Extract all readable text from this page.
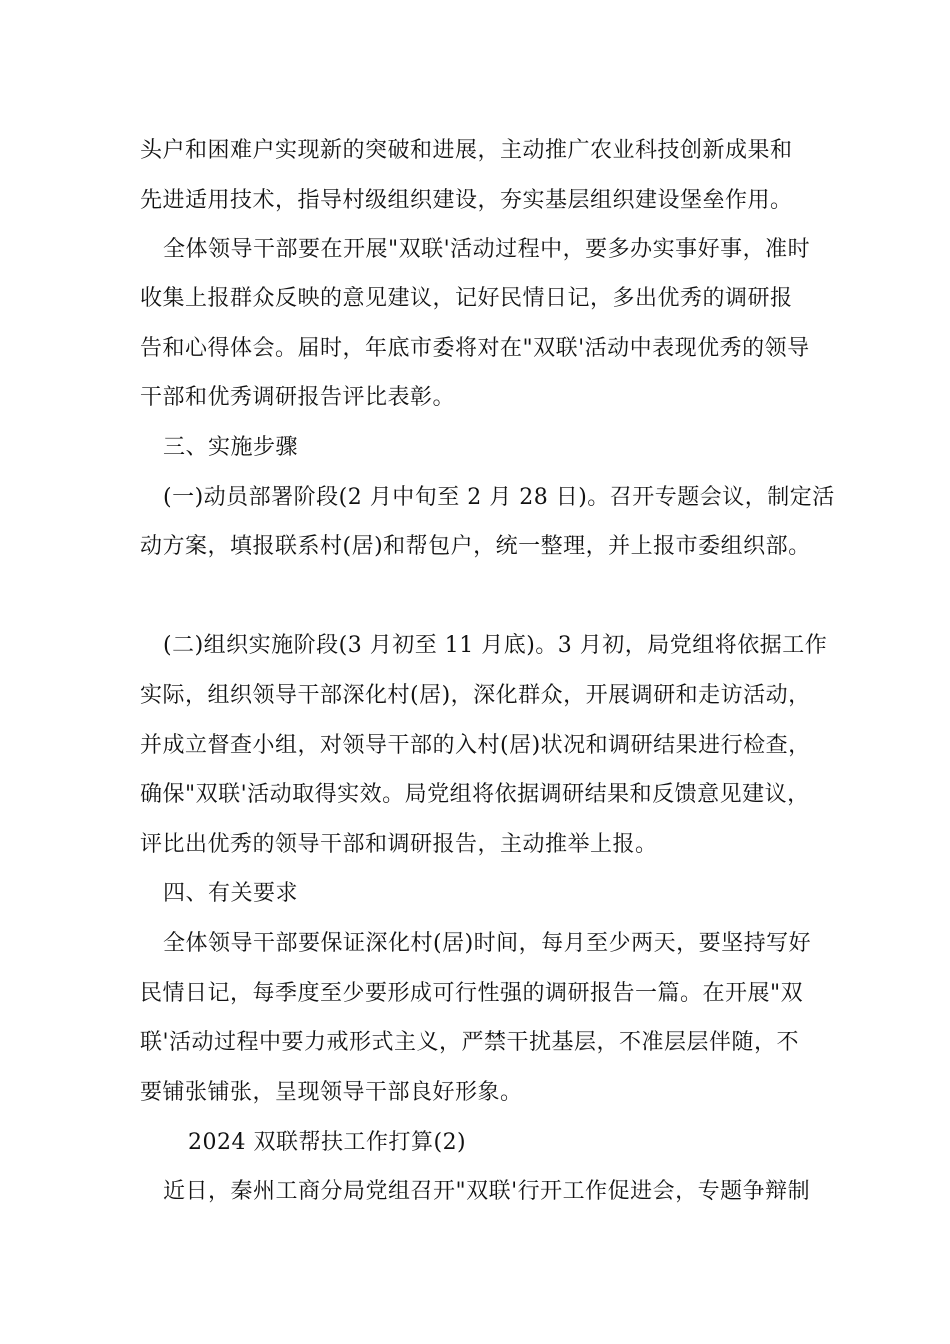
头户和困难户实现新的突破和进展，主动推广农业科技创新成果和
先进适用技术，指导村级组织建设，夯实基层组织建设堡垒作用。
全体领导干部要在开展"双联'活动过程中，要多办实事好事，准时
收集上报群众反映的意见建议，记好民情日记，多出优秀的调研报
告和心得体会。届时，年底市委将对在"双联'活动中表现优秀的领导
干部和优秀调研报告评比表彰。
三、实施步骤
(一)动员部署阶段(2 月中旬至 2 月 28 日)。召开专题会议，制定活
动方案，填报联系村(居)和帮包户，统一整理，并上报市委组织部。
(二)组织实施阶段(3 月初至 11 月底)。3 月初，局党组将依据工作
实际，组织领导干部深化村(居)，深化群众，开展调研和走访活动，
并成立督查小组，对领导干部的入村(居)状况和调研结果进行检查，
确保"双联'活动取得实效。局党组将依据调研结果和反馈意见建议，
评比出优秀的领导干部和调研报告，主动推举上报。
四、有关要求
全体领导干部要保证深化村(居)时间，每月至少两天，要坚持写好
民情日记，每季度至少要形成可行性强的调研报告一篇。在开展"双
联'活动过程中要力戒形式主义，严禁干扰基层，不准层层伴随，不
要铺张铺张，呈现领导干部良好形象。
2024 双联帮扶工作打算(2)
近日，秦州工商分局党组召开"双联'行开工作促进会，专题争辩制
